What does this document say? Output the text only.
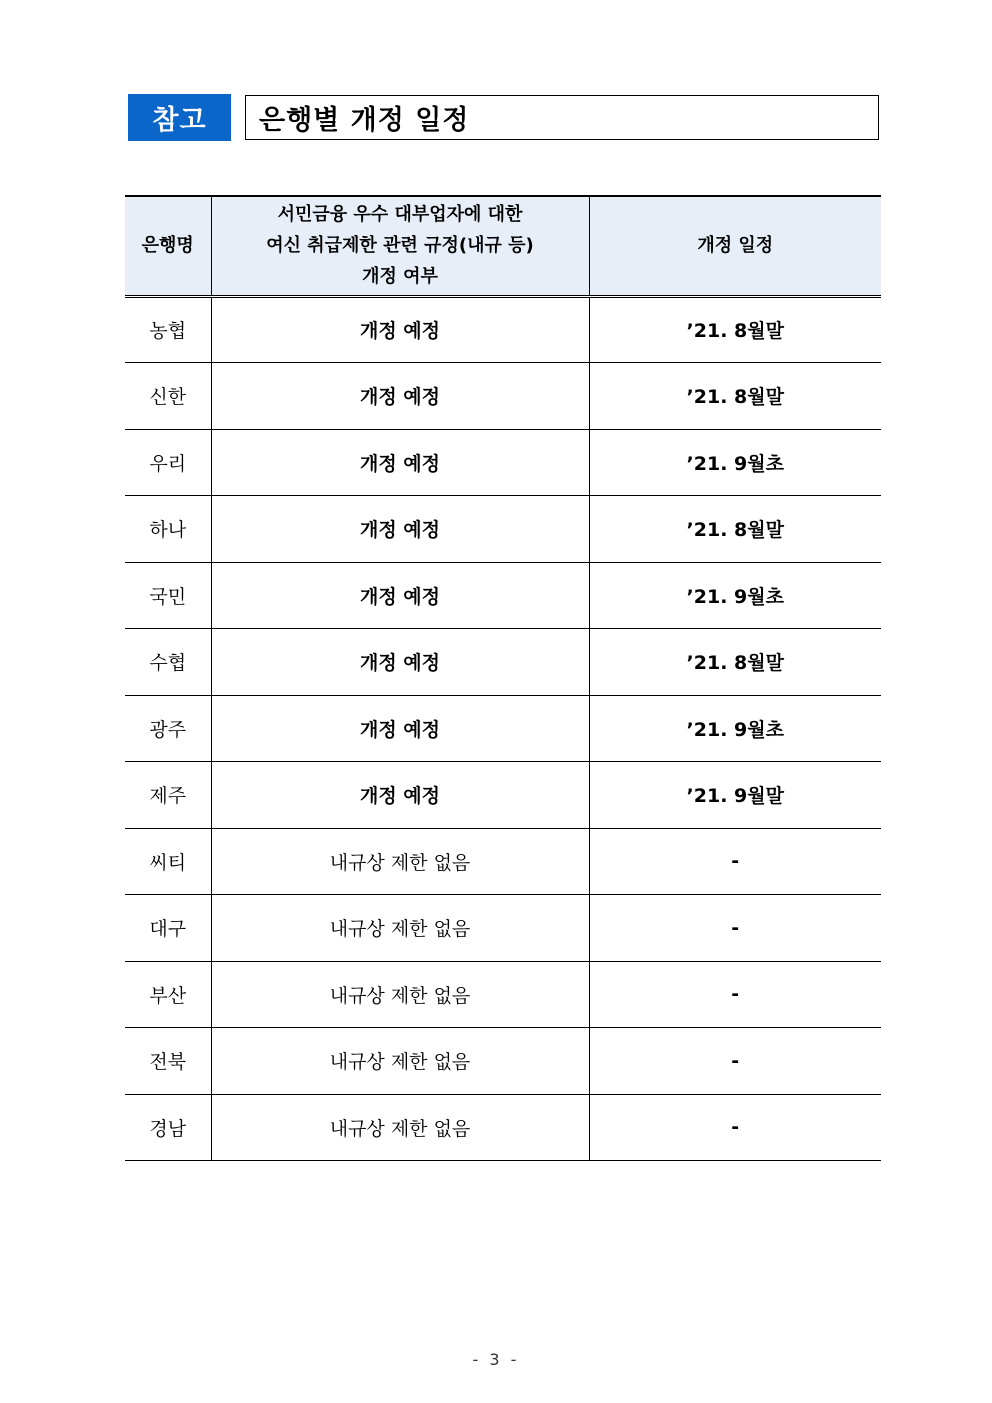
참고	은행별 개정 일정
은행명	서민금융 우수 대부업자에 대한
여신 취급제한 관련 규정(내규 등)
개정 여부	개정 일정
농협	개정 예정	’21. 8월말
신한	개정 예정	’21. 8월말
우리	개정 예정	’21. 9월초
하나	개정 예정	’21. 8월말
국민	개정 예정	’21. 9월초
수협	개정 예정	’21. 8월말
광주	개정 예정	’21. 9월초
제주	개정 예정	’21. 9월말
씨티	내규상 제한 없음	-
대구	내규상 제한 없음	-
부산	내규상 제한 없음	-
전북	내규상 제한 없음	-
경남	내규상 제한 없음	-
- 3 -
